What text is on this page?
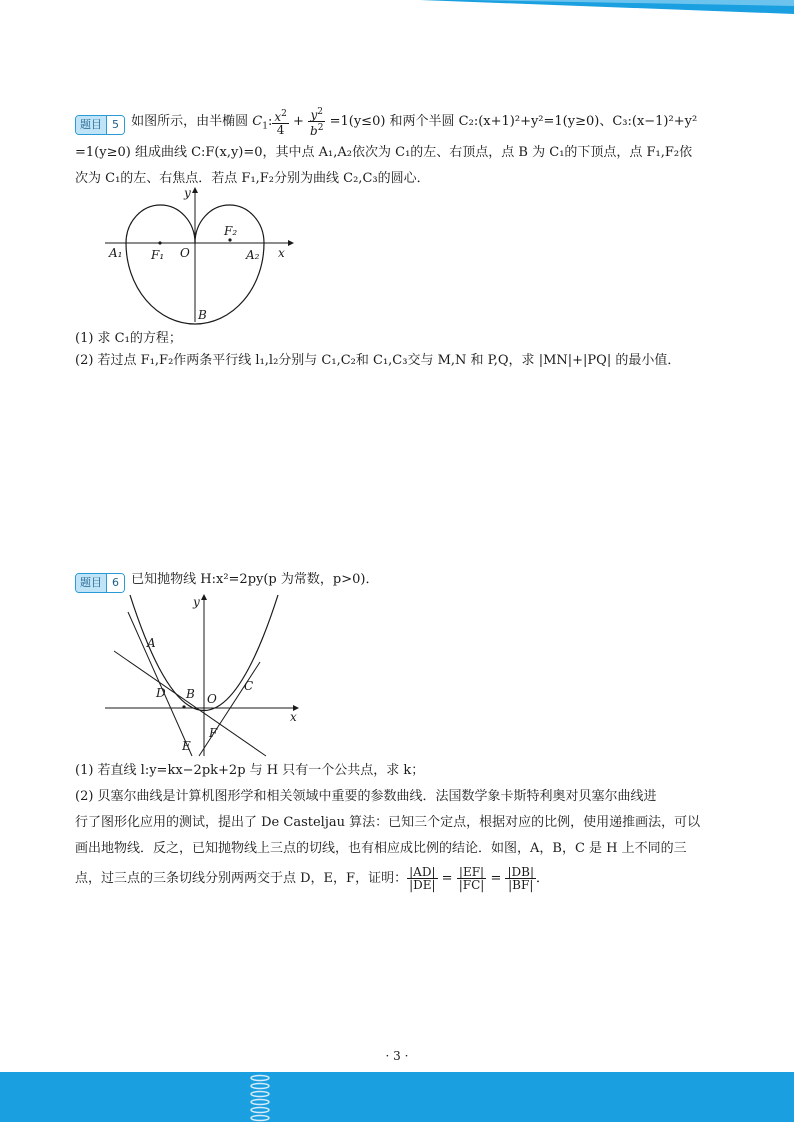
题目 5 如图所示，由半椭圆 $C_1$: $\frac{x^2}{4} + \frac{y^2}{b^2} =1(y\le 0)$ 和两个半圆 C₂:(x+1)²+y²=1(y≥0)、C₃:(x−1)²+y²
=1(y≥0) 组成曲线 C:F(x,y)=0，其中点 A₁,A₂依次为 C₁的左、右顶点，点 B 为 C₁的下顶点，点 F₁,F₂依
次为 C₁的左、右焦点．若点 F₁,F₂分别为曲线 C₂,C₃的圆心．
y
x
O
A₁	A₂
F₁
F₂
B
(1) 求 C₁的方程；
(2) 若过点 F₁,F₂作两条平行线 l₁,l₂分别与 C₁,C₂和 C₁,C₃交与 M,N 和 P,Q，求 |MN|+|PQ| 的最小值．
题目 6 已知抛物线 H:x²=2py(p 为常数，p>0)．
y
x
O
A
B
C
D
E
F
(1) 若直线 l:y=kx−2pk+2p 与 H 只有一个公共点，求 k；
(2) 贝塞尔曲线是计算机图形学和相关领域中重要的参数曲线．法国数学象卡斯特利奥对贝塞尔曲线进
行了图形化应用的测试，提出了 De Casteljau 算法：已知三个定点，根据对应的比例，使用递推画法，可以
画出地物线．反之，已知抛物线上三点的切线，也有相应成比例的结论．如图，A，B，C 是 H 上不同的三
点，过三点的三条切线分别两两交于点 D，E，F，证明： $\frac{|AD|}{|DE|} = \frac{|EF|}{|FC|} = \frac{|DB|}{|BF|}$ ．
· 3 ·
